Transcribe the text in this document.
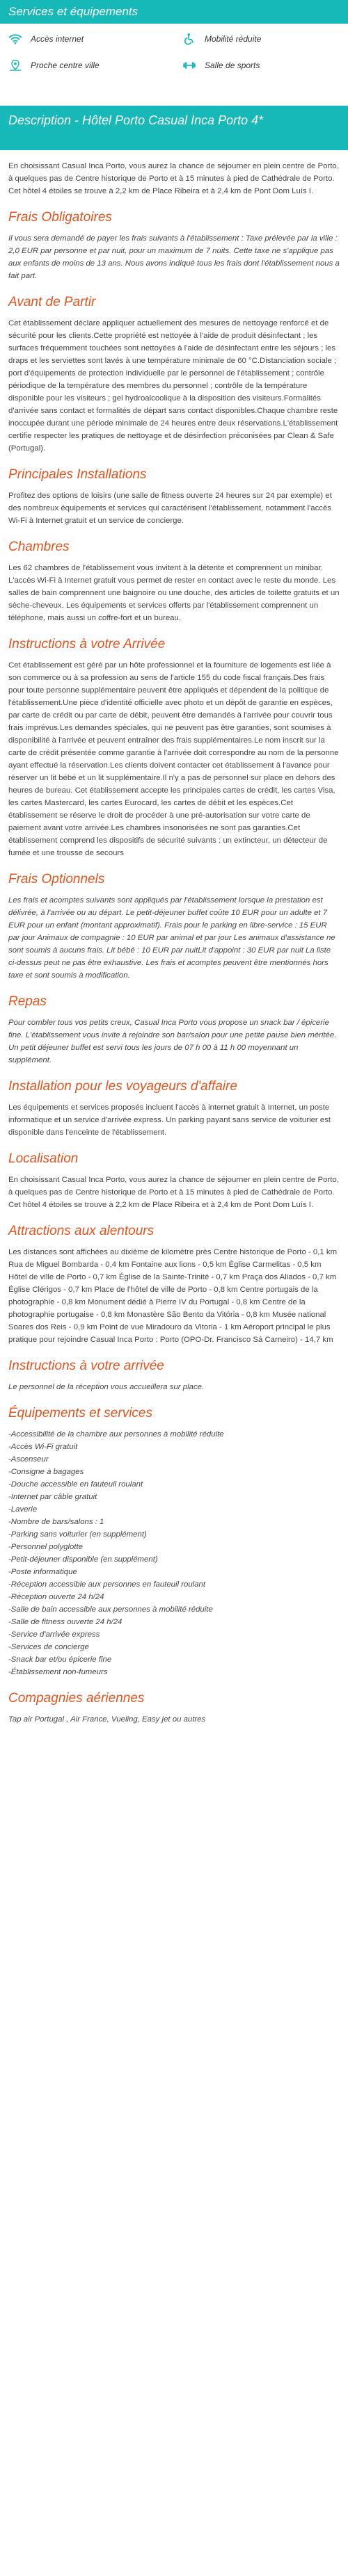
Services et équipements
Accès internet	Mobilité réduite
Proche centre ville	Salle de sports
Description - Hôtel Porto Casual Inca Porto 4*

En choisissant Casual Inca Porto, vous aurez la chance de séjourner en plein centre de Porto, à quelques pas de Centre historique de Porto et à 15 minutes à pied de Cathédrale de Porto. Cet hôtel 4 étoiles se trouve à 2,2 km de Place Ribeira et à 2,4 km de Pont Dom Luís I.

Frais Obligatoires

Il vous sera demandé de payer les frais suivants à l'établissement : Taxe prélevée par la ville : 2,0 EUR par personne et par nuit, pour un maximum de 7 nuits. Cette taxe ne s'applique pas aux enfants de moins de 13 ans. Nous avons indiqué tous les frais dont l'établissement nous a fait part.

Avant de Partir

Cet établissement déclare appliquer actuellement des mesures de nettoyage renforcé et de sécurité pour les clients.Cette propriété est nettoyée à l'aide de produit désinfectant ; les surfaces fréquemment touchées sont nettoyées à l'aide de désinfectant entre les séjours ; les draps et les serviettes sont lavés à une température minimale de 60 °C.Distanciation sociale ; port d'équipements de protection individuelle par le personnel de l'établissement ; contrôle périodique de la température des membres du personnel ; contrôle de la température disponible pour les visiteurs ; gel hydroalcoolique à la disposition des visiteurs.Formalités d'arrivée sans contact et formalités de départ sans contact disponibles.Chaque chambre reste inoccupée durant une période minimale de 24 heures entre deux réservations.L'établissement certifie respecter les pratiques de nettoyage et de désinfection préconisées par Clean & Safe (Portugal).

Principales Installations

Profitez des options de loisirs (une salle de fitness ouverte 24 heures sur 24 par exemple) et des nombreux équipements et services qui caractérisent l'établissement, notamment l'accès Wi-Fi à Internet gratuit et un service de concierge.

Chambres

Les 62 chambres de l'établissement vous invitent à la détente et comprennent un minibar. L'accès Wi-Fi à Internet gratuit vous permet de rester en contact avec le reste du monde. Les salles de bain comprennent une baignoire ou une douche, des articles de toilette gratuits et un sèche-cheveux. Les équipements et services offerts par l'établissement comprennent un téléphone, mais aussi un coffre-fort et un bureau.

Instructions à votre Arrivée

Cet établissement est géré par un hôte professionnel et la fourniture de logements est liée à son commerce ou à sa profession au sens de l'article 155 du code fiscal français.Des frais pour toute personne supplémentaire peuvent être appliqués et dépendent de la politique de l'établissement.Une pièce d'identité officielle avec photo et un dépôt de garantie en espèces, par carte de crédit ou par carte de débit, peuvent être demandés à l'arrivée pour couvrir tous frais imprévus.Les demandes spéciales, qui ne peuvent pas être garanties, sont soumises à disponibilité à l'arrivée et peuvent entraîner des frais supplémentaires.Le nom inscrit sur la carte de crédit présentée comme garantie à l'arrivée doit correspondre au nom de la personne ayant effectué la réservation.Les clients doivent contacter cet établissement à l'avance pour réserver un lit bébé et un lit supplémentaire.Il n'y a pas de personnel sur place en dehors des heures de bureau. Cet établissement accepte les principales cartes de crédit, les cartes Visa, les cartes Mastercard, les cartes Eurocard, les cartes de débit et les espèces.Cet établissement se réserve le droit de procéder à une pré-autorisation sur votre carte de paiement avant votre arrivée.Les chambres insonorisées ne sont pas garanties.Cet établissement comprend les dispositifs de sécurité suivants : un extincteur, un détecteur de fumée et une trousse de secours

Frais Optionnels

Les frais et acomptes suivants sont appliqués par l'établissement lorsque la prestation est délivrée, à l'arrivée ou au départ. Le petit-déjeuner buffet coûte 10 EUR pour un adulte et 7 EUR pour un enfant (montant approximatif). Frais pour le parking en libre-service : 15 EUR par jour Animaux de compagnie : 10 EUR par animal et par jour Les animaux d'assistance ne sont soumis à aucuns frais. Lit bébé : 10 EUR par nuitLit d'appoint : 30 EUR par nuit La liste ci-dessus peut ne pas être exhaustive. Les frais et acomptes peuvent être mentionnés hors taxe et sont soumis à modification.

Repas

Pour combler tous vos petits creux, Casual Inca Porto vous propose un snack bar / épicerie fine. L'établissement vous invite à rejoindre son bar/salon pour une petite pause bien méritée. Un petit déjeuner buffet est servi tous les jours de 07 h 00 à 11 h 00 moyennant un supplément.

Installation pour les voyageurs d'affaire

Les équipements et services proposés incluent l'accès à internet gratuit à Internet, un poste informatique et un service d'arrivée express. Un parking payant sans service de voiturier est disponible dans l'enceinte de l'établissement.

Localisation

En choisissant Casual Inca Porto, vous aurez la chance de séjourner en plein centre de Porto, à quelques pas de Centre historique de Porto et à 15 minutes à pied de Cathédrale de Porto. Cet hôtel 4 étoiles se trouve à 2,2 km de Place Ribeira et à 2,4 km de Pont Dom Luís I.

Attractions aux alentours

Les distances sont affichées au dixième de kilomètre près Centre historique de Porto - 0,1 km Rua de Miguel Bombarda - 0,4 km Fontaine aux lions - 0,5 km Église Carmelitas - 0,5 km Hôtel de ville de Porto - 0,7 km Église de la Sainte-Trinité - 0,7 km Praça dos Aliados - 0,7 km Église Clérigos - 0,7 km Place de l'hôtel de ville de Porto - 0,8 km Centre portugais de la photographie - 0,8 km Monument dédié à Pierre IV du Portugal - 0,8 km Centre de la photographie portugaise - 0,8 km Monastère São Bento da Vitória - 0,8 km Musée national Soares dos Reis - 0,9 km Point de vue Miradouro da Vitoria - 1 km Aéroport principal le plus pratique pour rejoindre Casual Inca Porto : Porto (OPO-Dr. Francisco Sá Carneiro) - 14,7 km

Instructions à votre arrivée

Le personnel de la réception vous accueillera sur place.

Équipements et services
-Accessibilité de la chambre aux personnes à mobilité réduite
-Accès Wi-Fi gratuit
-Ascenseur
-Consigne à bagages
-Douche accessible en fauteuil roulant
-Internet par câble gratuit
-Laverie
-Nombre de bars/salons : 1
-Parking sans voiturier (en supplément)
-Personnel polyglotte
-Petit-déjeuner disponible (en supplément)
-Poste informatique
-Réception accessible aux personnes en fauteuil roulant
-Réception ouverte 24 h/24
-Salle de bain accessible aux personnes à mobilité réduite
-Salle de fitness ouverte 24 h/24
-Service d'arrivée express
-Services de concierge
-Snack bar et/ou épicerie fine
-Établissement non-fumeurs
Compagnies aériennes

Tap air Portugal , Air France, Vueling, Easy jet ou autres
